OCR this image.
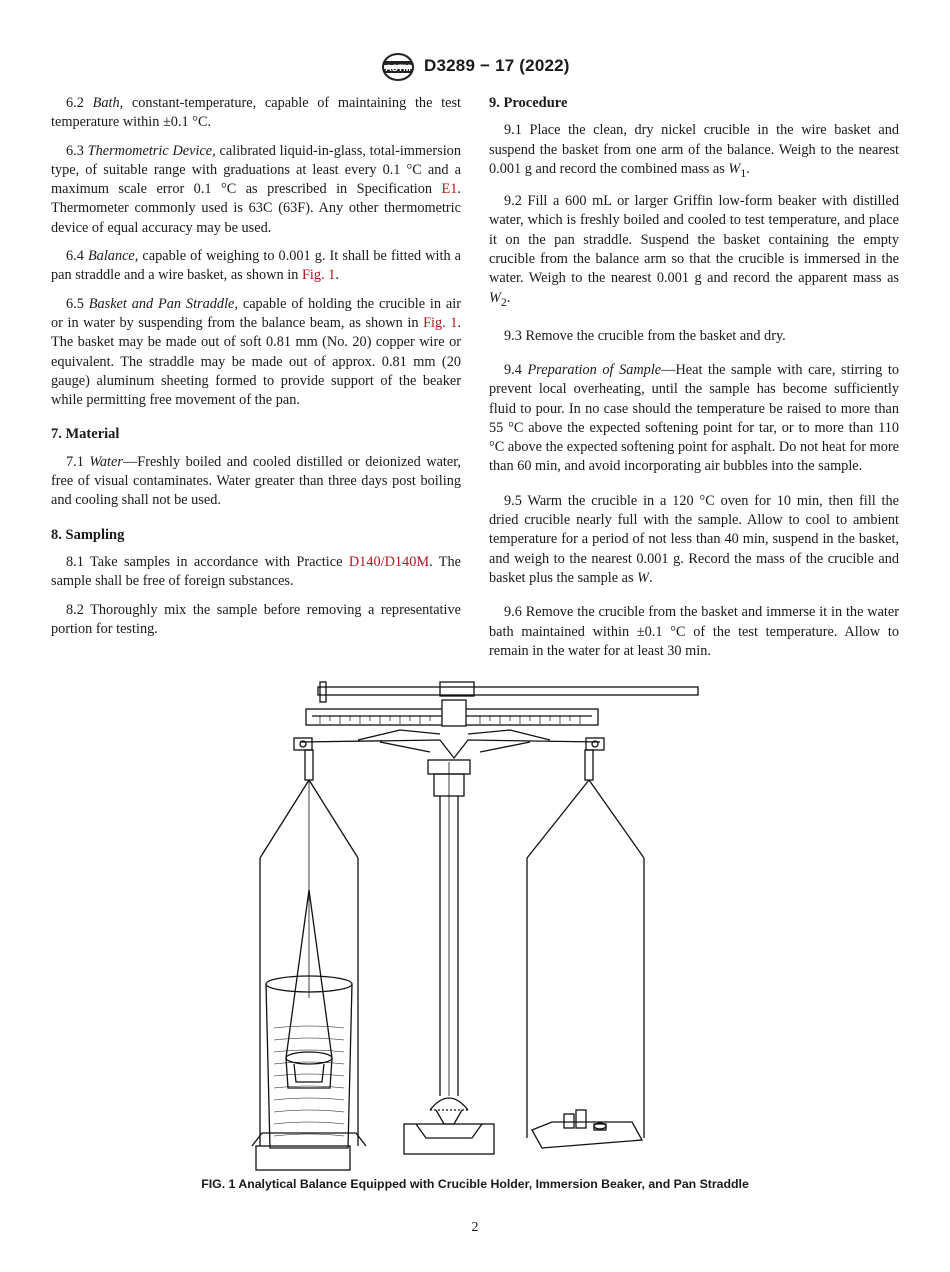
ASTM D3289 − 17 (2022)

6.2 Bath, constant-temperature, capable of maintaining the test temperature within ±0.1 °C.

6.3 Thermometric Device, calibrated liquid-in-glass, total-immersion type, of suitable range with graduations at least every 0.1 °C and a maximum scale error 0.1 °C as prescribed in Specification E1. Thermometer commonly used is 63C (63F). Any other thermometric device of equal accuracy may be used.

6.4 Balance, capable of weighing to 0.001 g. It shall be fitted with a pan straddle and a wire basket, as shown in Fig. 1.

6.5 Basket and Pan Straddle, capable of holding the crucible in air or in water by suspending from the balance beam, as shown in Fig. 1. The basket may be made out of soft 0.81 mm (No. 20) copper wire or equivalent. The straddle may be made out of approx. 0.81 mm (20 gauge) aluminum sheeting formed to provide support of the beaker while permitting free movement of the pan.

7. Material

7.1 Water—Freshly boiled and cooled distilled or deionized water, free of visual contaminates. Water greater than three days post boiling and cooling shall not be used.

8. Sampling

8.1 Take samples in accordance with Practice D140/D140M. The sample shall be free of foreign substances.

8.2 Thoroughly mix the sample before removing a representative portion for testing.

9. Procedure

9.1 Place the clean, dry nickel crucible in the wire basket and suspend the basket from one arm of the balance. Weigh to the nearest 0.001 g and record the combined mass as $W_1$.

9.2 Fill a 600 mL or larger Griffin low-form beaker with distilled water, which is freshly boiled and cooled to test temperature, and place it on the pan straddle. Suspend the basket containing the empty crucible from the balance arm so that the crucible is immersed in the water. Weigh to the nearest 0.001 g and record the apparent mass as $W_2$.

9.3 Remove the crucible from the basket and dry.

9.4 Preparation of Sample—Heat the sample with care, stirring to prevent local overheating, until the sample has become sufficiently fluid to pour. In no case should the temperature be raised to more than 55 °C above the expected softening point for tar, or to more than 110 °C above the expected softening point for asphalt. Do not heat for more than 60 min, and avoid incorporating air bubbles into the sample.

9.5 Warm the crucible in a 120 °C oven for 10 min, then fill the dried crucible nearly full with the sample. Allow to cool to ambient temperature for a period of not less than 40 min, suspend in the basket, and weigh to the nearest 0.001 g. Record the mass of the crucible and basket plus the sample as W.

9.6 Remove the crucible from the basket and immerse it in the water bath maintained within ±0.1 °C of the test temperature. Allow to remain in the water for at least 30 min.

FIG. 1 Analytical Balance Equipped with Crucible Holder, Immersion Beaker, and Pan Straddle
2
